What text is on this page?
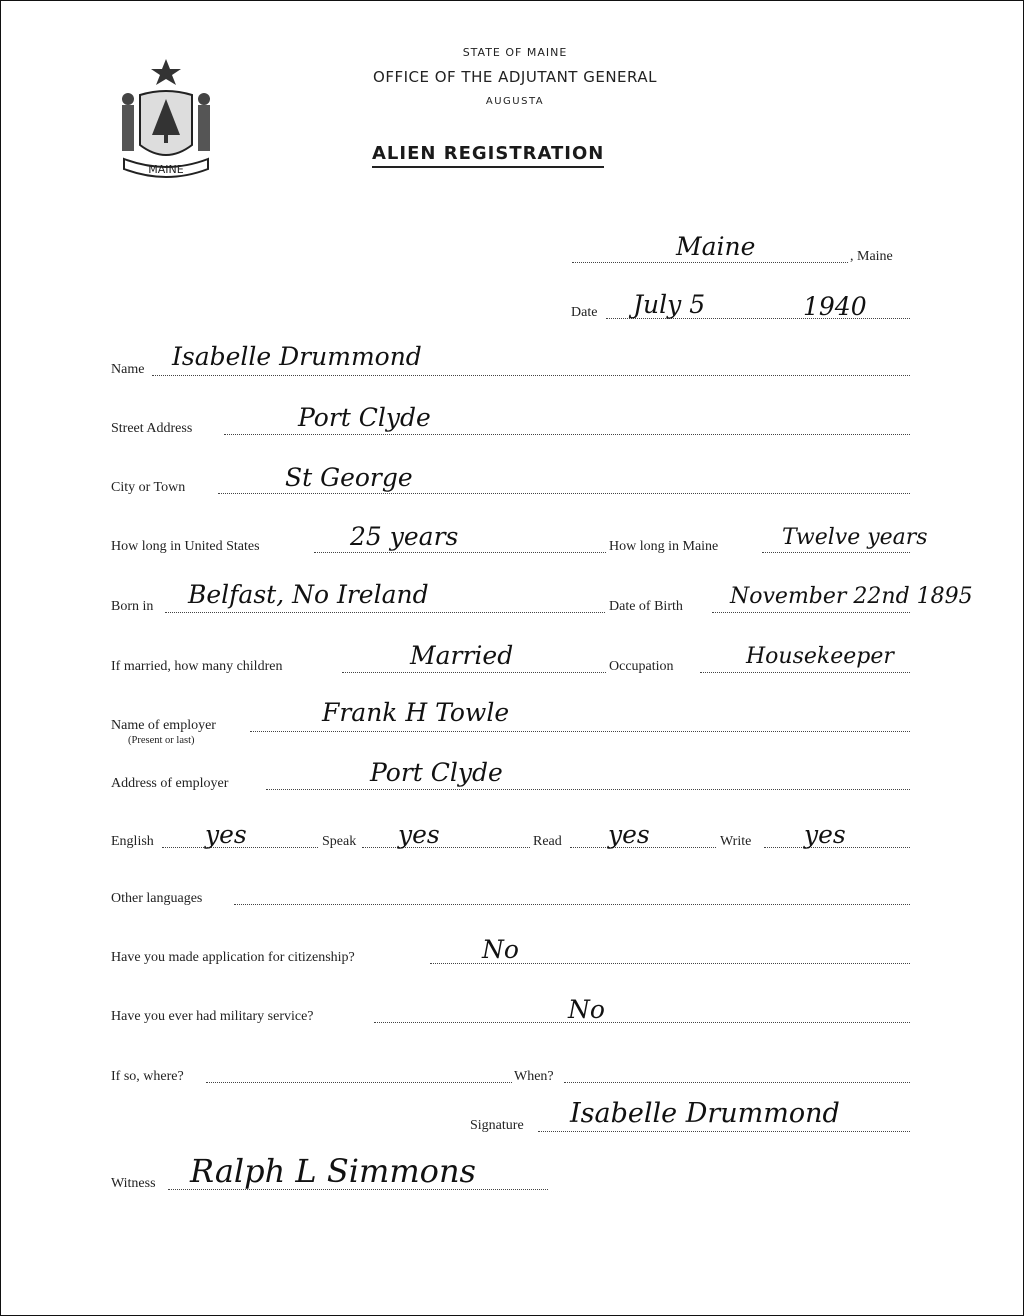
MAINE
STATE OF MAINE
OFFICE OF THE ADJUTANT GENERAL
AUGUSTA
ALIEN REGISTRATION
Maine	, Maine
Date July 5	1940
Name Isabelle Drummond
Street Address	Port Clyde
City or Town	St George
How long in United States	25 years	How long in Maine	Twelve years
Born in Belfast, No Ireland	Date of Birth November 22nd 1895
If married, how many children	Married	Occupation	Housekeeper
Name of employer
(Present or last)
Frank H Towle
Address of employer	Port Clyde
English yes	Speak yes	Read yes	Write yes
Other languages
Have you made application for citizenship?	No
Have you ever had military service?	No
If so, where?	When?
Signature Isabelle Drummond
Witness Ralph L Simmons
